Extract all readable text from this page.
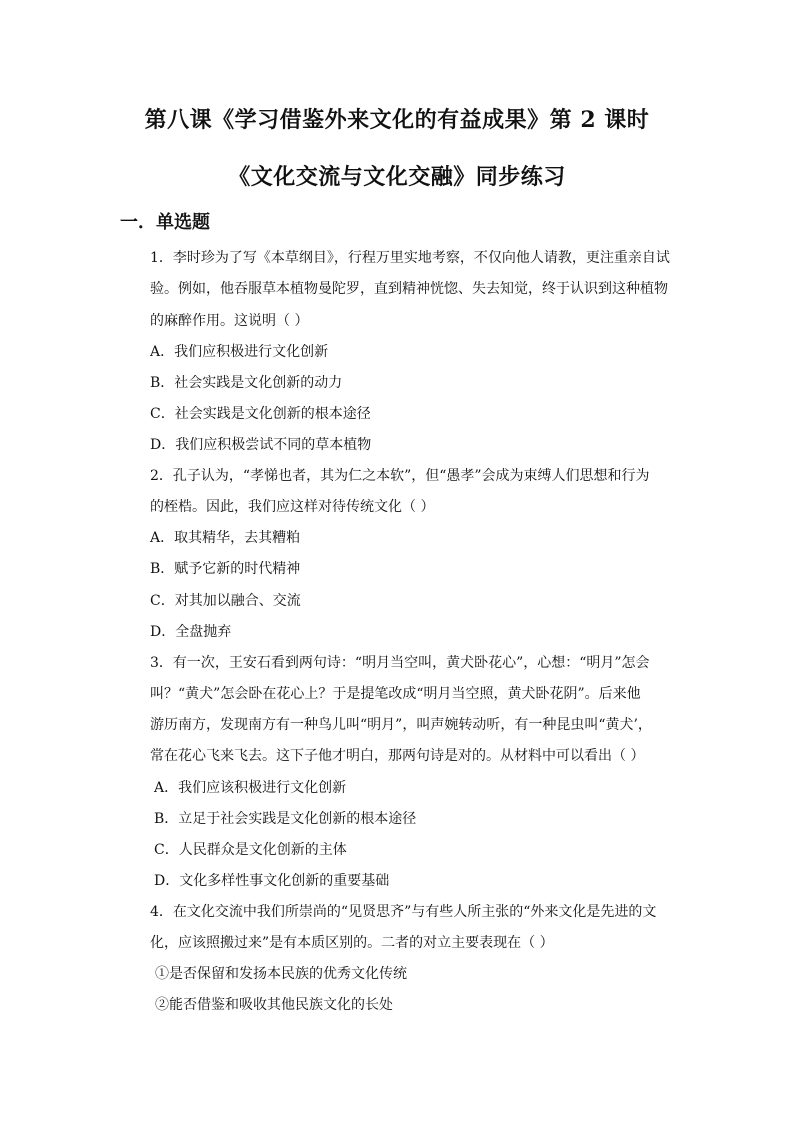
第八课《学习借鉴外来文化的有益成果》第 2 课时
《文化交流与文化交融》同步练习
一．单选题
1．李时珍为了写《本草纲目》，行程万里实地考察，不仅向他人请教，更注重亲自试
验。例如，他吞服草本植物曼陀罗，直到精神恍惚、失去知觉，终于认识到这种植物
的麻醉作用。这说明（ ）
A．我们应积极进行文化创新
B．社会实践是文化创新的动力
C．社会实践是文化创新的根本途径
D．我们应积极尝试不同的草本植物
2．孔子认为，“孝悌也者，其为仁之本软”，但“愚孝”会成为束缚人们思想和行为
的桎梏。因此，我们应这样对待传统文化（ ）
A．取其精华，去其糟粕
B．赋予它新的时代精神
C．对其加以融合、交流
D．全盘抛弃
3．有一次，王安石看到两句诗：“明月当空叫，黄犬卧花心”，心想：“明月”怎会
叫？“黄犬”怎会卧在花心上？于是提笔改成“明月当空照，黄犬卧花阴”。后来他
游历南方，发现南方有一种鸟儿叫“明月”，叫声婉转动听，有一种昆虫叫“黄犬’，
常在花心飞来飞去。这下子他才明白，那两句诗是对的。从材料中可以看出（ ）
A．我们应该积极进行文化创新
B．立足于社会实践是文化创新的根本途径
C．人民群众是文化创新的主体
D．文化多样性事文化创新的重要基础
4．在文化交流中我们所崇尚的“见贤思齐”与有些人所主张的“外来文化是先进的文
化，应该照搬过来”是有本质区别的。二者的对立主要表现在（ ）
①是否保留和发扬本民族的优秀文化传统
②能否借鉴和吸收其他民族文化的长处
